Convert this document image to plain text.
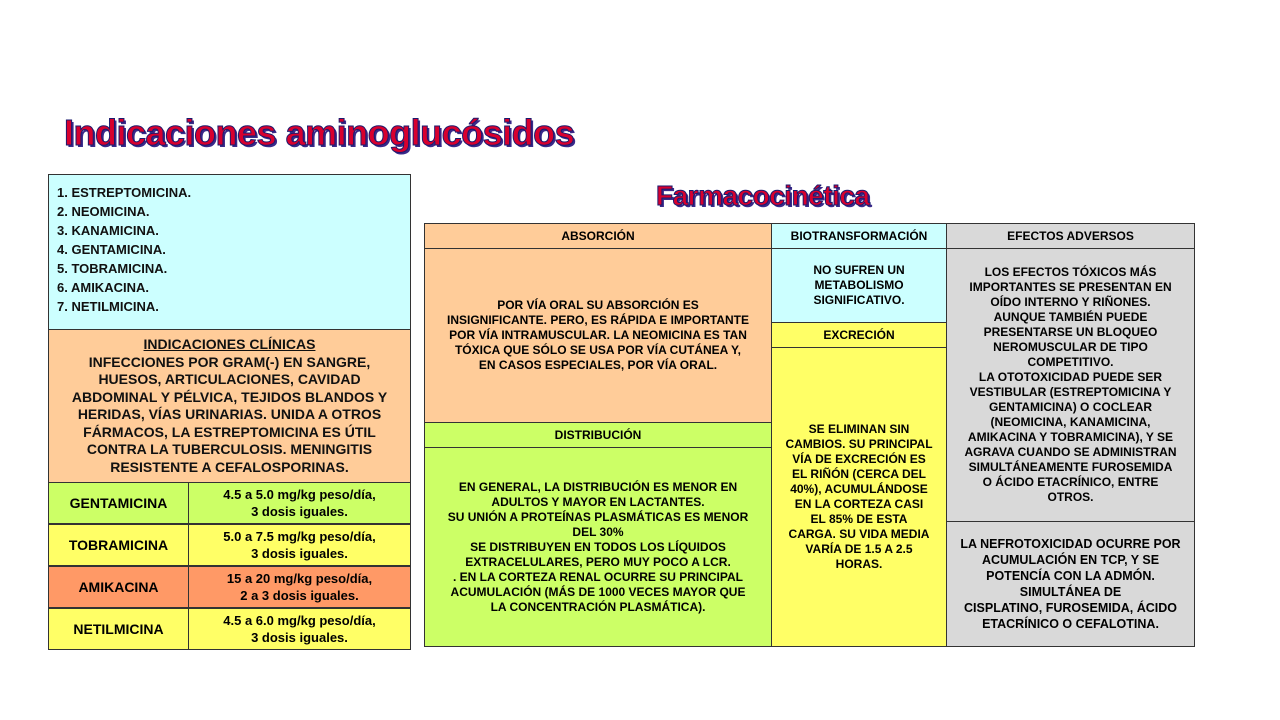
Indicaciones aminoglucósidos
Farmacocinética
1. ESTREPTOMICINA.
2. NEOMICINA.
3. KANAMICINA.
4. GENTAMICINA.
5. TOBRAMICINA.
6. AMIKACINA.
7. NETILMICINA.
INDICACIONES CLÍNICAS
INFECCIONES POR GRAM(-) EN SANGRE,
HUESOS, ARTICULACIONES, CAVIDAD
ABDOMINAL Y PÉLVICA, TEJIDOS BLANDOS Y
HERIDAS, VÍAS URINARIAS. UNIDA A OTROS
FÁRMACOS, LA ESTREPTOMICINA ES ÚTIL
CONTRA LA TUBERCULOSIS. MENINGITIS
RESISTENTE A CEFALOSPORINAS.
GENTAMICINA
4.5 a 5.0 mg/kg peso/día,
3 dosis iguales.
TOBRAMICINA
5.0 a 7.5 mg/kg peso/día,
3 dosis iguales.
AMIKACINA
15 a 20 mg/kg peso/día,
2 a 3 dosis iguales.
NETILMICINA
4.5 a 6.0 mg/kg peso/día,
3 dosis iguales.
ABSORCIÓN
POR VÍA ORAL SU ABSORCIÓN ES
INSIGNIFICANTE. PERO, ES RÁPIDA E IMPORTANTE
POR VÍA INTRAMUSCULAR. LA NEOMICINA ES TAN
TÓXICA QUE SÓLO SE USA POR VÍA CUTÁNEA Y,
EN CASOS ESPECIALES, POR VÍA ORAL.
DISTRIBUCIÓN
EN GENERAL, LA DISTRIBUCIÓN ES MENOR EN
ADULTOS Y MAYOR EN LACTANTES.
SU UNIÓN A PROTEÍNAS PLASMÁTICAS ES MENOR
DEL 30%
SE DISTRIBUYEN EN TODOS LOS LÍQUIDOS
EXTRACELULARES, PERO MUY POCO A LCR.
. EN LA CORTEZA RENAL OCURRE SU PRINCIPAL
ACUMULACIÓN (MÁS DE 1000 VECES MAYOR QUE
LA CONCENTRACIÓN PLASMÁTICA).
BIOTRANSFORMACIÓN
NO SUFREN UN
METABOLISMO
SIGNIFICATIVO.
EXCRECIÓN
SE ELIMINAN SIN
CAMBIOS. SU PRINCIPAL
VÍA DE EXCRECIÓN ES
EL RIÑÓN (CERCA DEL
40%), ACUMULÁNDOSE
EN LA CORTEZA CASI
EL 85% DE ESTA
CARGA. SU VIDA MEDIA
VARÍA DE 1.5 A 2.5
HORAS.
EFECTOS ADVERSOS
LOS EFECTOS TÓXICOS MÁS
IMPORTANTES SE PRESENTAN EN
OÍDO INTERNO Y RIÑONES.
AUNQUE TAMBIÉN PUEDE
PRESENTARSE UN BLOQUEO
NEROMUSCULAR DE TIPO
COMPETITIVO.
LA OTOTOXICIDAD PUEDE SER
VESTIBULAR (ESTREPTOMICINA Y
GENTAMICINA) O COCLEAR
(NEOMICINA, KANAMICINA,
AMIKACINA Y TOBRAMICINA), Y SE
AGRAVA CUANDO SE ADMINISTRAN
SIMULTÁNEAMENTE FUROSEMIDA
O ÁCIDO ETACRÍNICO, ENTRE
OTROS.
LA NEFROTOXICIDAD OCURRE POR
ACUMULACIÓN EN TCP, Y SE
POTENCÍA CON LA ADMÓN.
SIMULTÁNEA DE
CISPLATINO, FUROSEMIDA, ÁCIDO
ETACRÍNICO O CEFALOTINA.
